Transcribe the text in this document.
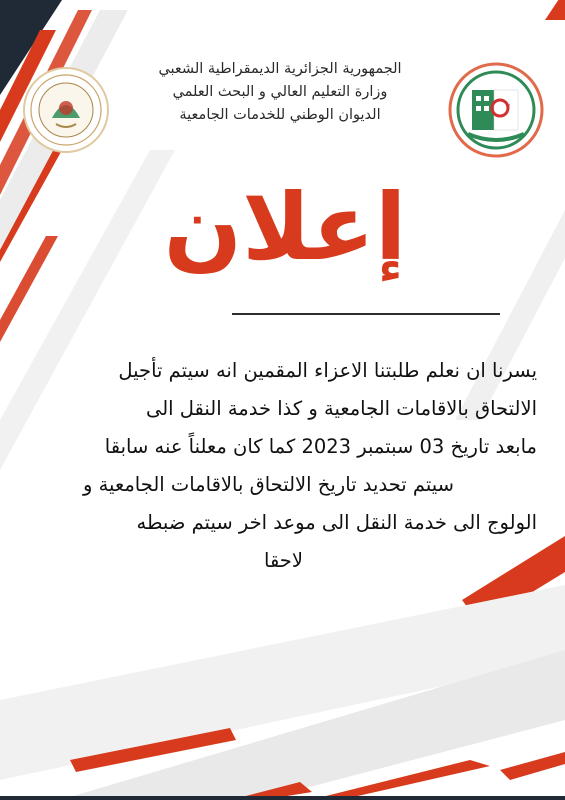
الجمهورية الجزائرية الديمقراطية الشعبي
وزارة التعليم العالي و البحث العلمي
الديوان الوطني للخدمات الجامعية
إعلان
يسرنا ان نعلم طلبتنا الاعزاء المقمين انه سيتم تأجيل
الالتحاق بالاقامات الجامعية و كذا خدمة النقل الى
مابعد تاريخ 03 سبتمبر 2023 كما كان معلناً عنه سابقا
سيتم تحديد تاريخ الالتحاق بالاقامات الجامعية و
الولوج الى خدمة النقل الى موعد اخر سيتم ضبطه
لاحقا
